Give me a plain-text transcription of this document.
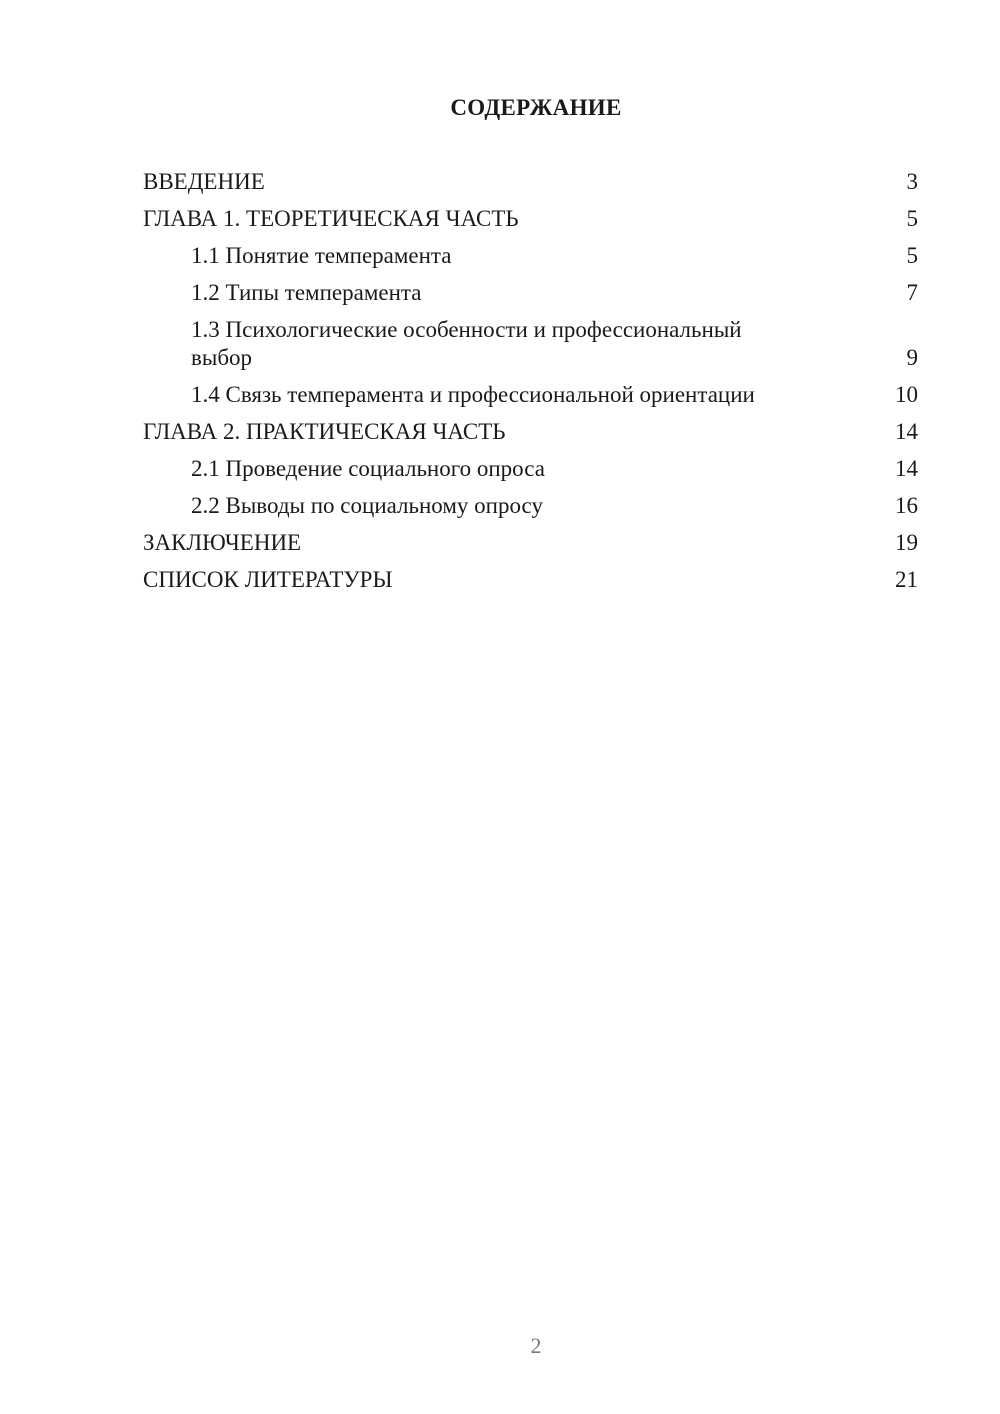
СОДЕРЖАНИЕ
ВВЕДЕНИЕ	3
ГЛАВА 1. ТЕОРЕТИЧЕСКАЯ ЧАСТЬ	5
1.1 Понятие темперамента	5
1.2 Типы темперамента	7
1.3 Психологические особенности и профессиональный выбор	9
1.4 Связь темперамента и профессиональной ориентации	10
ГЛАВА 2. ПРАКТИЧЕСКАЯ ЧАСТЬ	14
2.1 Проведение социального опроса	14
2.2 Выводы по социальному опросу	16
ЗАКЛЮЧЕНИЕ	19
СПИСОК ЛИТЕРАТУРЫ	21
2
